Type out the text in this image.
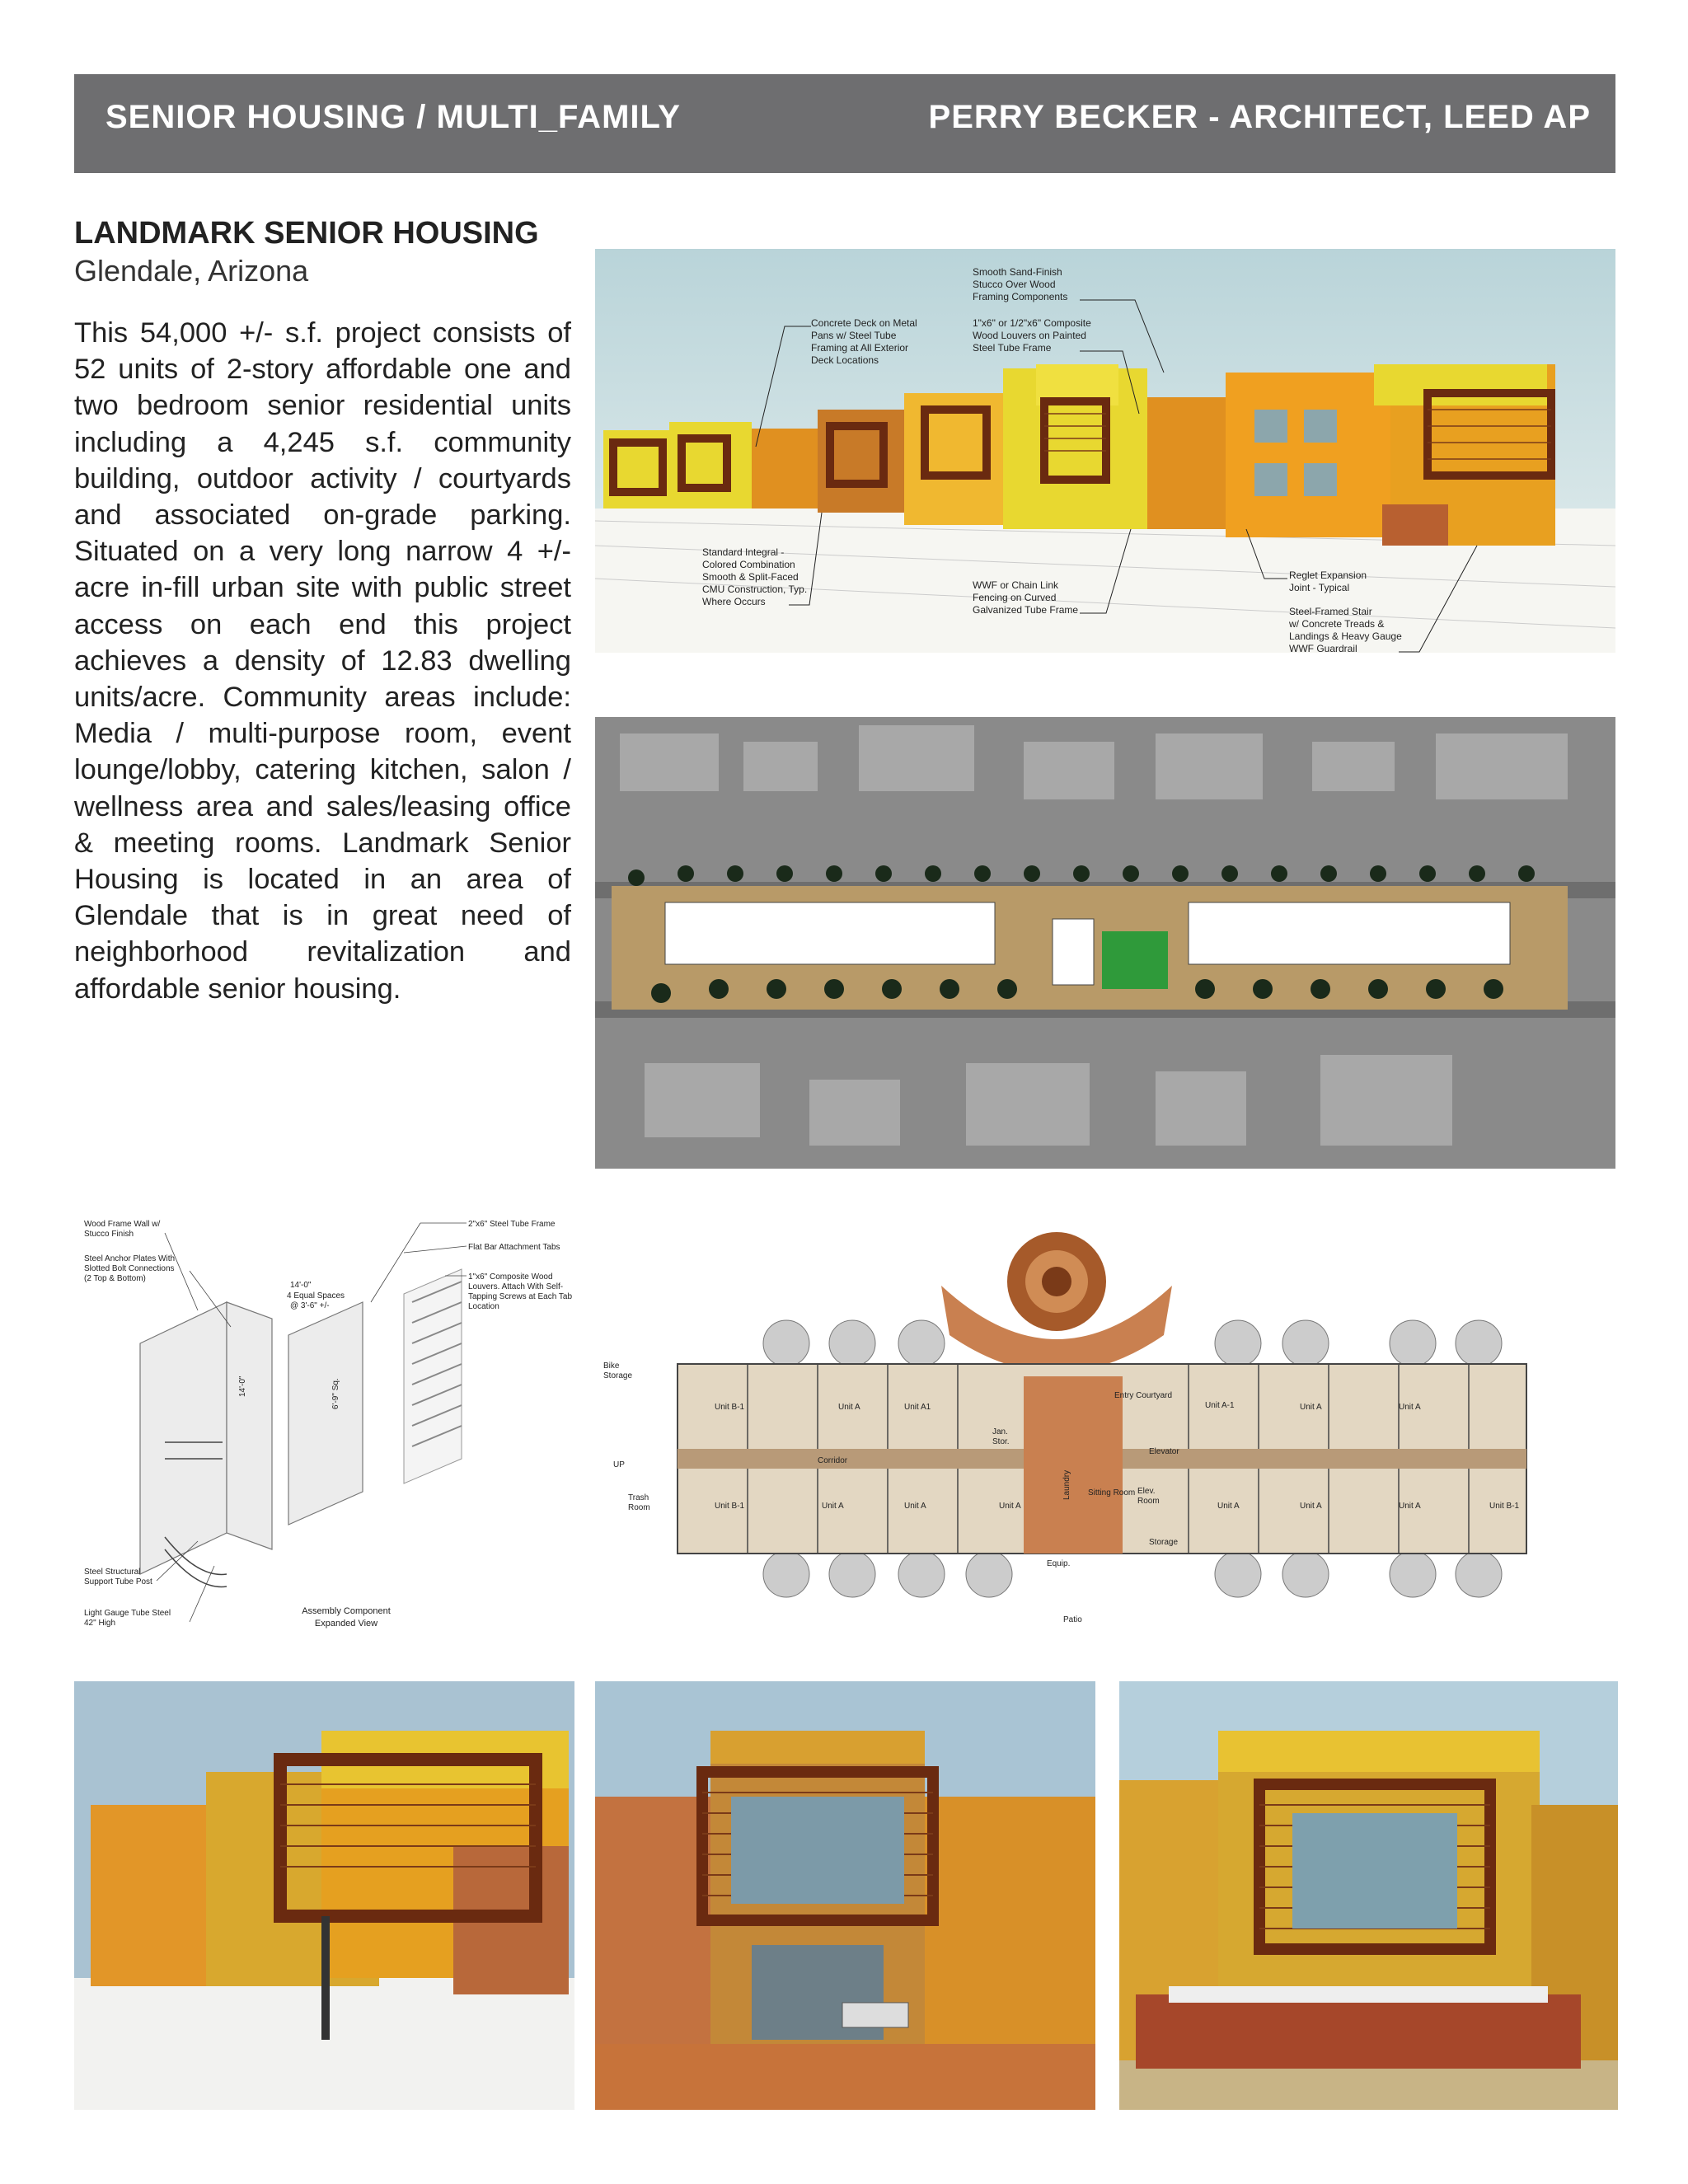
SENIOR HOUSING / MULTI_FAMILY	PERRY BECKER - ARCHITECT, LEED AP
LANDMARK SENIOR HOUSING
Glendale, Arizona
This 54,000 +/- s.f. project consists of 52 units of 2-story affordable one and two bedroom senior residential units including a 4,245 s.f. community building, outdoor activity / courtyards and associated on-grade parking. Situated on a very long narrow 4 +/- acre in-fill urban site with public street access on each end this project achieves a density of 12.83 dwelling units/acre. Community areas include: Media / multi-purpose room, event lounge/lobby, catering kitchen, salon / wellness area and sales/leasing office & meeting rooms. Landmark Senior Housing is located in an area of Glendale that is in great need of neighborhood revitalization and affordable senior housing.
Smooth Sand-Finish
Stucco Over Wood
Framing Components
Concrete Deck on Metal
Pans w/ Steel Tube
Framing at All Exterior
Deck Locations
1"x6" or 1/2"x6" Composite
Wood Louvers on Painted
Steel Tube Frame
Standard Integral -
Colored Combination
Smooth & Split-Faced
CMU Construction, Typ.
Where Occurs
WWF or Chain Link
Fencing on Curved
Galvanized Tube Frame
Reglet Expansion
Joint - Typical
Steel-Framed Stair
w/ Concrete Treads &
Landings & Heavy Gauge
WWF Guardrail
Wood Frame Wall w/
Stucco Finish
Steel Anchor Plates With
Slotted Bolt Connections
(2 Top & Bottom)
Steel Structural
Support Tube Post
Light Gauge Tube Steel
42" High
2"x6" Steel Tube Frame
Flat Bar Attachment Tabs
1"x6" Composite Wood
Louvers. Attach With Self-
Tapping Screws at Each Tab
Location
14'-0"
4 Equal Spaces
@ 3'-6" +/-
14'-0"	6'-9" Sq.
Assembly Component
Expanded View
Bike
Storage
UP
Trash
Room
Entry Courtyard
Corridor
Jan.
Stor.
Elevator
Elev.
Room
Storage
Laundry Sitting Room
Equip.
Patio
Unit B-1	Unit A	Unit A1	Unit A-1	Unit A	Unit A
Unit B-1	Unit A	Unit A	Unit A	Unit A	Unit A	Unit A	Unit B-1
